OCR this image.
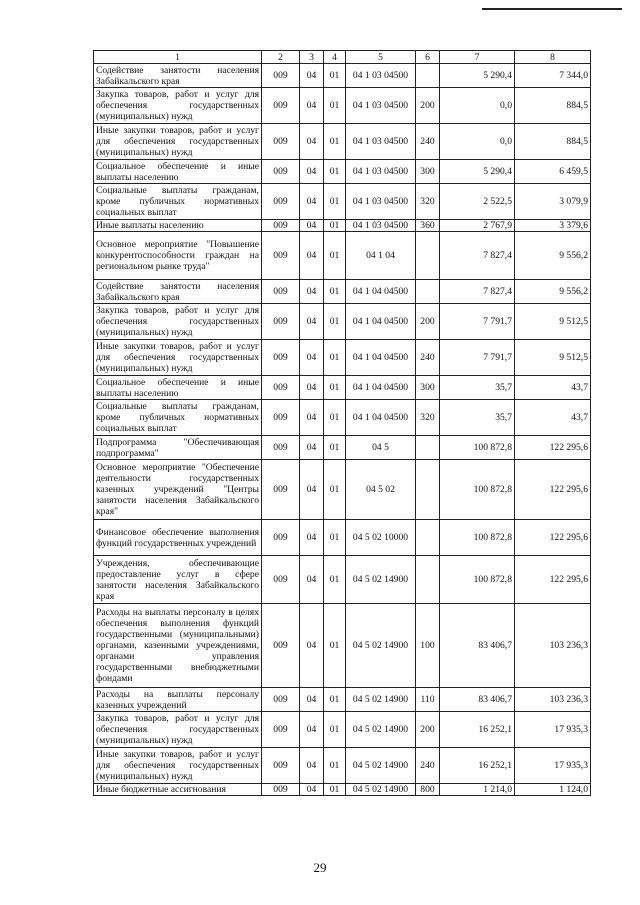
1	2	3	4	5	6	7	8
Содействие занятости населения Забайкальского края	009	04	01	04 1 03 04500		5 290,4	7 344,0
Закупка товаров, работ и услуг для обеспечения государственных (муниципальных) нужд	009	04	01	04 1 03 04500	200	0,0	884,5
Иные закупки товаров, работ и услуг для обеспечения государственных (муниципальных) нужд	009	04	01	04 1 03 04500	240	0,0	884,5
Социальное обеспечение и иные выплаты населению	009	04	01	04 1 03 04500	300	5 290,4	6 459,5
Социальные выплаты гражданам, кроме публичных нормативных социальных выплат	009	04	01	04 1 03 04500	320	2 522,5	3 079,9
Иные выплаты населению	009	04	01	04 1 03 04500	360	2 767,9	3 379,6
Основное мероприятие "Повышение конкурентоспособности граждан на региональном рынке труда"	009	04	01	04 1 04		7 827,4	9 556,2
Содействие занятости населения Забайкальского края	009	04	01	04 1 04 04500		7 827,4	9 556,2
Закупка товаров, работ и услуг для обеспечения государственных (муниципальных) нужд	009	04	01	04 1 04 04500	200	7 791,7	9 512,5
Иные закупки товаров, работ и услуг для обеспечения государственных (муниципальных) нужд	009	04	01	04 1 04 04500	240	7 791,7	9 512,5
Социальное обеспечение и иные выплаты населению	009	04	01	04 1 04 04500	300	35,7	43,7
Социальные выплаты гражданам, кроме публичных нормативных социальных выплат	009	04	01	04 1 04 04500	320	35,7	43,7
Подпрограмма "Обеспечивающая подпрограмма"	009	04	01	04 5		100 872,8	122 295,6
Основное мероприятие "Обеспечение деятельности государственных казенных учреждений "Центры занятости населения Забайкальского края"	009	04	01	04 5 02		100 872,8	122 295,6
Финансовое обеспечение выполнения функций государственных учреждений	009	04	01	04 5 02 10000		100 872,8	122 295,6
Учреждения, обеспечивающие предоставление услуг в сфере занятости населения Забайкальского края	009	04	01	04 5 02 14900		100 872,8	122 295,6
Расходы на выплаты персоналу в целях обеспечения выполнения функций государственными (муниципальными) органами, казенными учреждениями, органами управления государственными внебюджетными фондами	009	04	01	04 5 02 14900	100	83 406,7	103 236,3
Расходы на выплаты персоналу казенных учреждений	009	04	01	04 5 02 14900	110	83 406,7	103 236,3
Закупка товаров, работ и услуг для обеспечения государственных (муниципальных) нужд	009	04	01	04 5 02 14900	200	16 252,1	17 935,3
Иные закупки товаров, работ и услуг для обеспечения государственных (муниципальных) нужд	009	04	01	04 5 02 14900	240	16 252,1	17 935,3
Иные бюджетные ассигнования	009	04	01	04 5 02 14900	800	1 214,0	1 124,0
29
